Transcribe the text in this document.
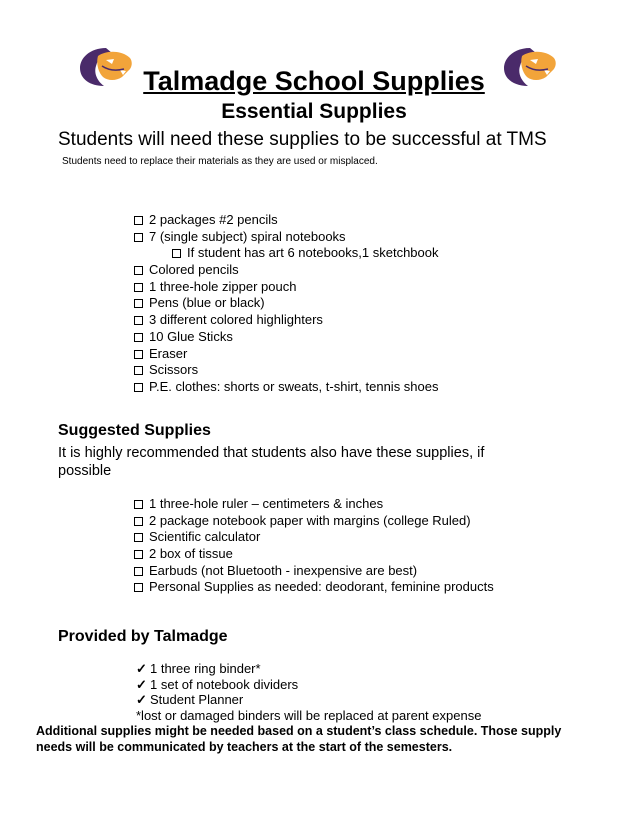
Talmadge School Supplies
Essential Supplies
Students will need these supplies to be successful at TMS
Students need to replace their materials as they are used or misplaced.
2 packages #2 pencils
7 (single subject) spiral notebooks
If student has art 6 notebooks,1 sketchbook
Colored pencils
1 three-hole zipper pouch
Pens (blue or black)
3 different colored highlighters
10 Glue Sticks
Eraser
Scissors
P.E. clothes: shorts or sweats, t-shirt, tennis shoes
Suggested Supplies
It is highly recommended that students also have these supplies, if possible
1 three-hole ruler – centimeters & inches
2 package notebook paper with margins (college Ruled)
Scientific calculator
2 box of tissue
Earbuds (not Bluetooth - inexpensive are best)
Personal Supplies as needed: deodorant, feminine products
Provided by Talmadge
✓ 1 three ring binder*
✓ 1 set of notebook dividers
✓ Student Planner
*lost or damaged binders will be replaced at parent expense
Additional supplies might be needed based on a student’s class schedule. Those supply needs will be communicated by teachers at the start of the semesters.
